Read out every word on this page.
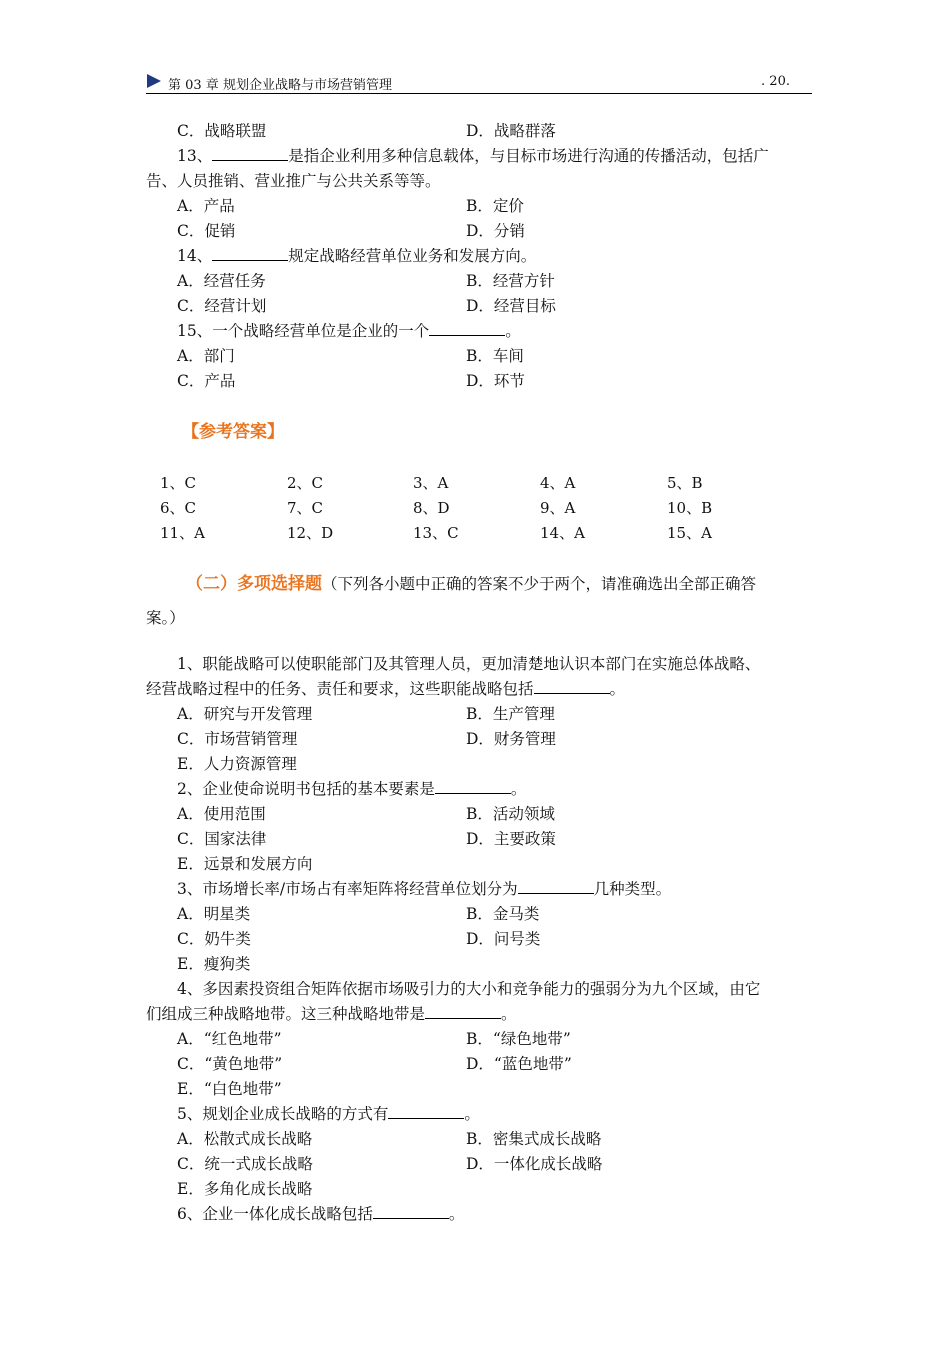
第 03 章 规划企业战略与市场营销管理	. 20.
C．战略联盟	D．战略群落
13、	是指企业利用多种信息载体，与目标市场进行沟通的传播活动，包括广
告、人员推销、营业推广与公共关系等等。
A．产品	B．定价
C．促销	D．分销
14、	规定战略经营单位业务和发展方向。
A．经营任务	B．经营方针
C．经营计划	D．经营目标
15、一个战略经营单位是企业的一个	。
A．部门	B．车间
C．产品	D．环节
【参考答案】
1、C	2、C	3、A	4、A	5、B
6、C	7、C	8、D	9、A	10、B
11、A	12、D	13、C	14、A	15、A
（二）多项选择题（下列各小题中正确的答案不少于两个，请准确选出全部正确答
案。）
1、职能战略可以使职能部门及其管理人员，更加清楚地认识本部门在实施总体战略、
经营战略过程中的任务、责任和要求，这些职能战略包括	。
A．研究与开发管理	B．生产管理
C．市场营销管理	D．财务管理
E．人力资源管理
2、企业使命说明书包括的基本要素是	。
A．使用范围	B．活动领域
C．国家法律	D．主要政策
E．远景和发展方向
3、市场增长率/市场占有率矩阵将经营单位划分为	几种类型。
A．明星类	B．金马类
C．奶牛类	D．问号类
E．瘦狗类
4、多因素投资组合矩阵依据市场吸引力的大小和竞争能力的强弱分为九个区域，由它
们组成三种战略地带。这三种战略地带是	。
A．“红色地带”	B．“绿色地带”
C．“黄色地带”	D．“蓝色地带”
E．“白色地带”
5、规划企业成长战略的方式有	。
A．松散式成长战略	B．密集式成长战略
C．统一式成长战略	D．一体化成长战略
E．多角化成长战略
6、企业一体化成长战略包括	。
